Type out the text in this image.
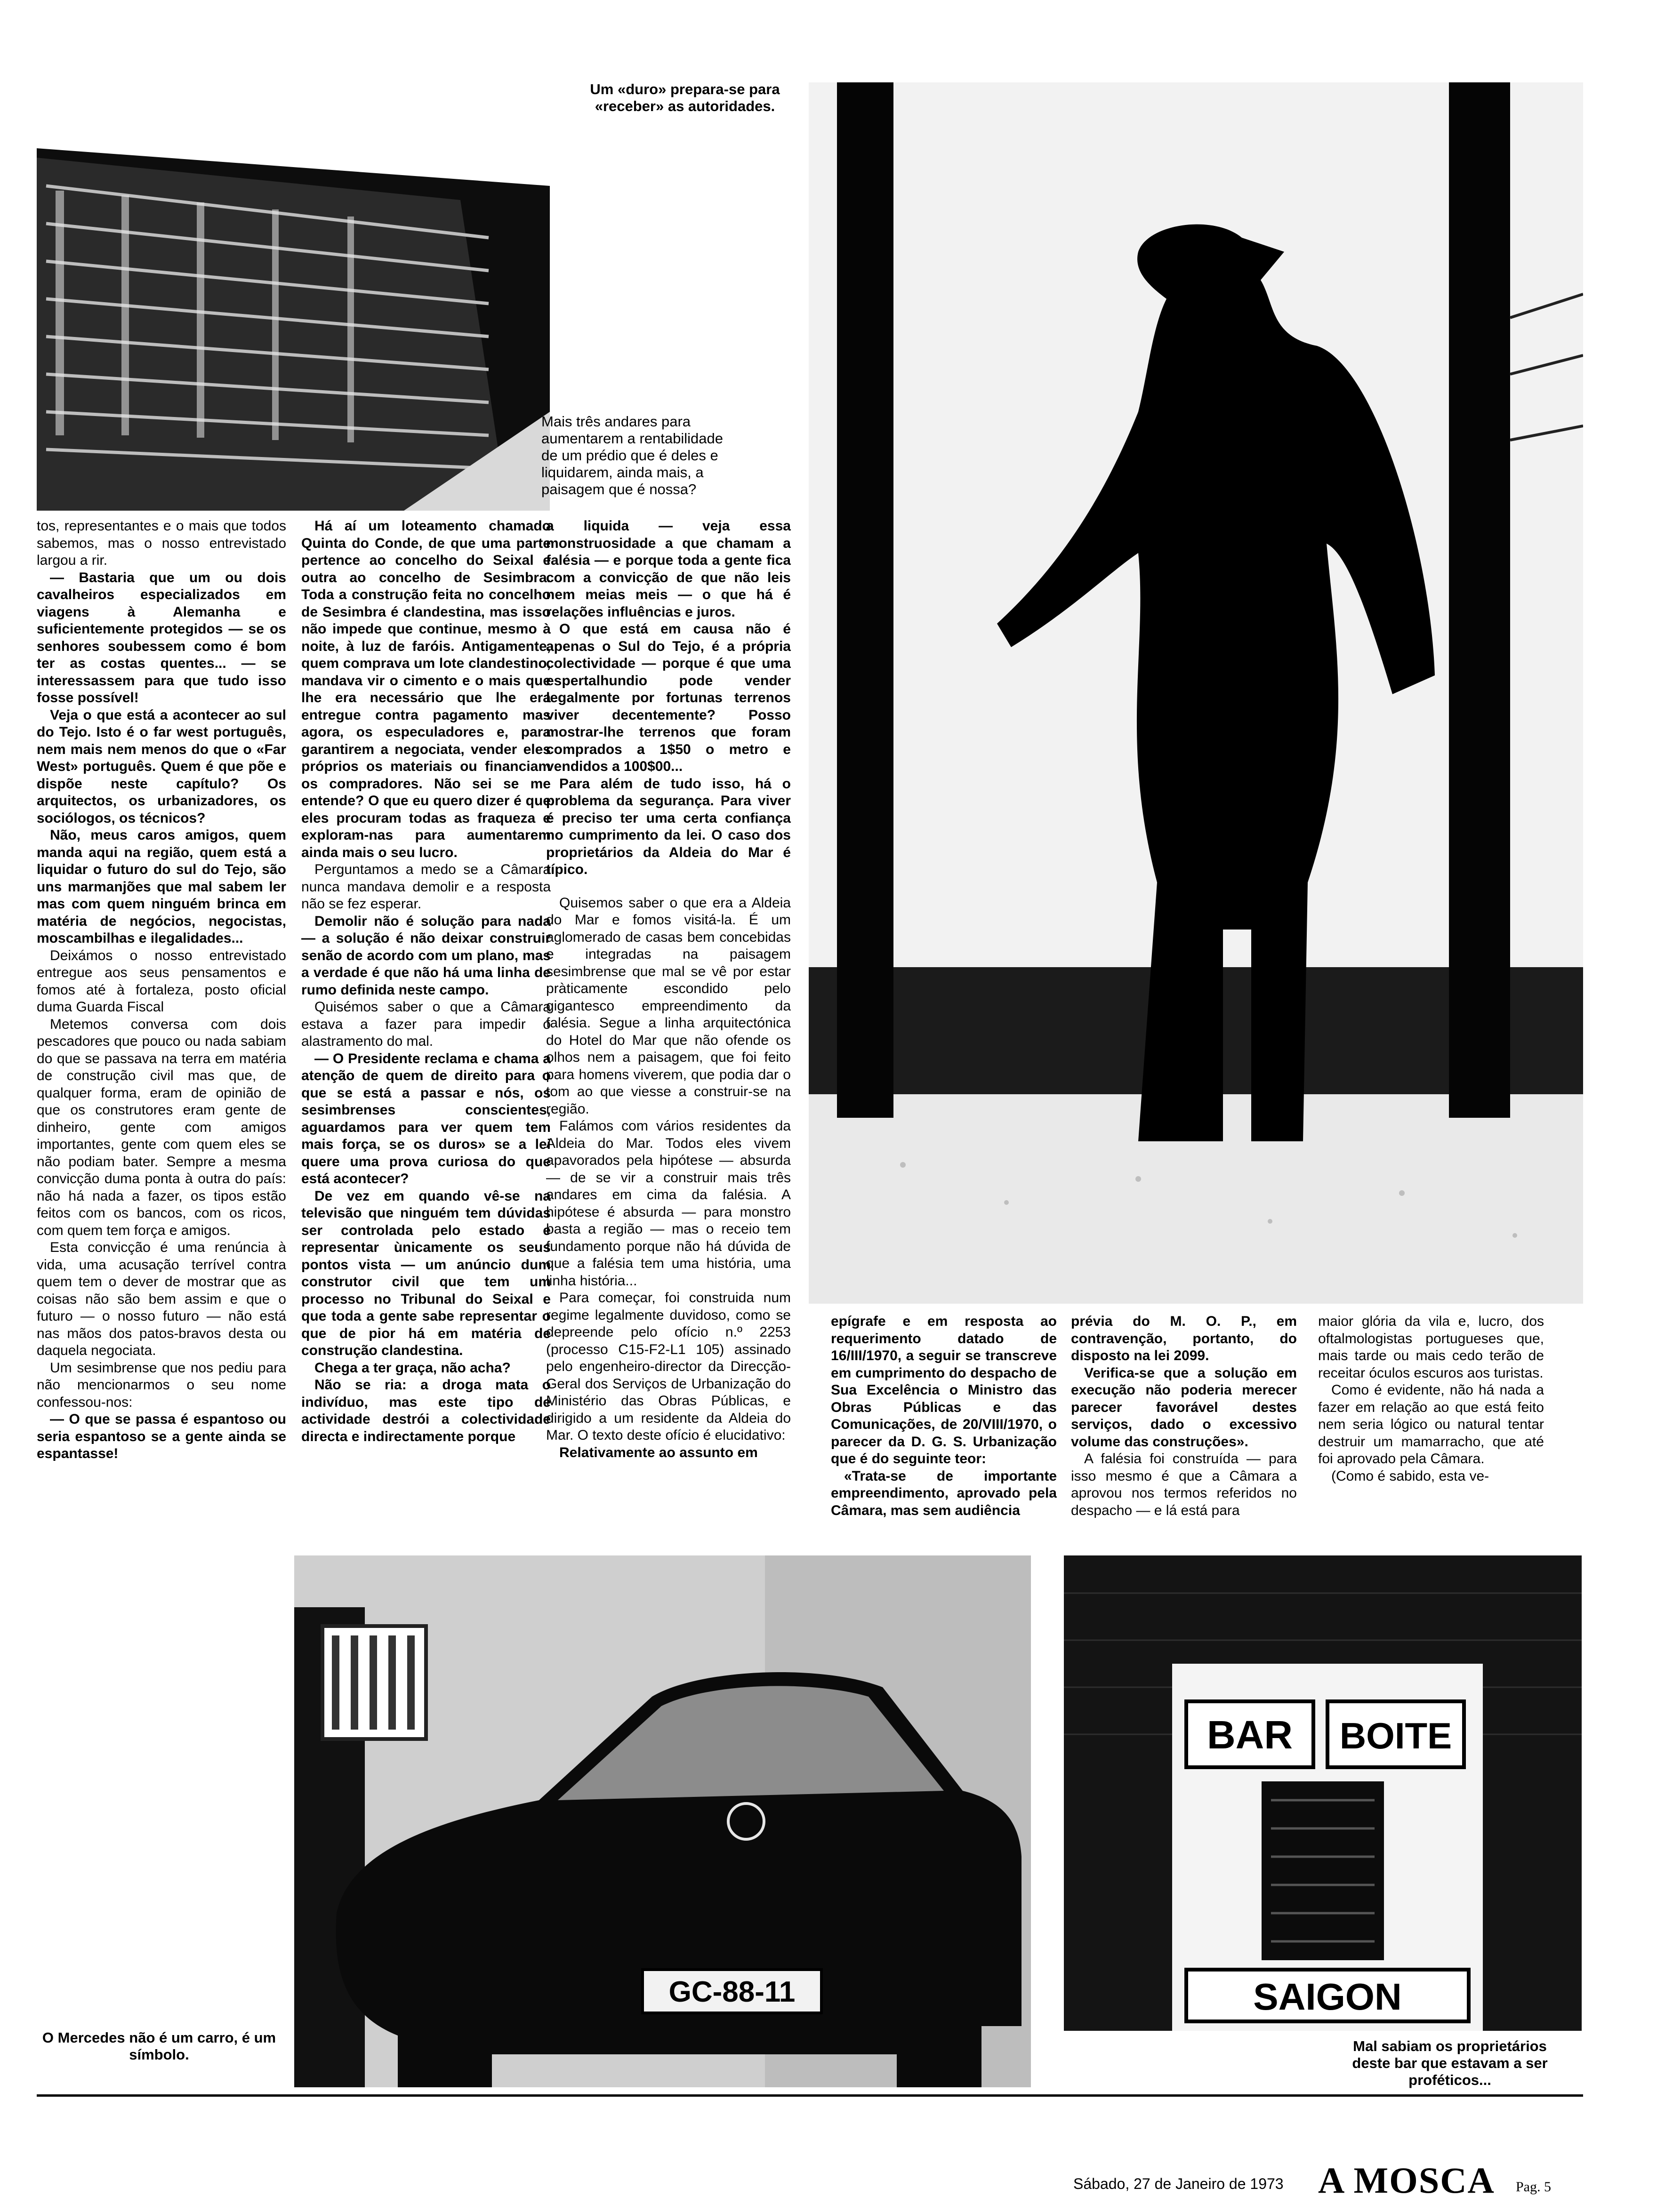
Um «duro» prepara-se para «receber» as autoridades.
Mais três andares para aumentarem a rentabilidade de um prédio que é deles e liquidarem, ainda mais, a paisagem que é nossa?

tos, representantes e o mais que todos sabemos, mas o nosso entrevistado largou a rir.

— Bastaria que um ou dois cavalheiros especializados em viagens à Alemanha e suficientemente protegidos — se os senhores soubessem como é bom ter as costas quentes... — se interessassem para que tudo isso fosse possível!

Veja o que está a acontecer ao sul do Tejo. Isto é o far west português, nem mais nem menos do que o «Far West» português. Quem é que põe e dispõe neste capítulo? Os arquitectos, os urbanizadores, os sociólogos, os técnicos?

Não, meus caros amigos, quem manda aqui na região, quem está a liquidar o futuro do sul do Tejo, são uns marmanjões que mal sabem ler mas com quem ninguém brinca em matéria de negócios, negocistas, moscambilhas e ilegalidades...

Deixámos o nosso entrevistado entregue aos seus pensamentos e fomos até à fortaleza, posto oficial duma Guarda Fiscal

Metemos conversa com dois pescadores que pouco ou nada sabiam do que se passava na terra em matéria de construção civil mas que, de qualquer forma, eram de opinião de que os construtores eram gente de dinheiro, gente com amigos importantes, gente com quem eles se não podiam bater. Sempre a mesma convicção duma ponta à outra do país: não há nada a fazer, os tipos estão feitos com os bancos, com os ricos, com quem tem força e amigos.

Esta convicção é uma renúncia à vida, uma acusação terrível contra quem tem o dever de mostrar que as coisas não são bem assim e que o futuro — o nosso futuro — não está nas mãos dos patos-bravos desta ou daquela negociata.

Um sesimbrense que nos pediu para não mencionarmos o seu nome confessou-nos:

— O que se passa é espantoso ou seria espantoso se a gente ainda se espantasse!

Há aí um loteamento chamado Quinta do Conde, de que uma parte pertence ao concelho do Seixal e outra ao concelho de Sesimbra. Toda a construção feita no concelho de Sesimbra é clandestina, mas isso não impede que continue, mesmo à noite, à luz de faróis. Antigamente, quem comprava um lote clandestino, mandava vir o cimento e o mais que lhe era necessário que lhe era entregue contra pagamento mas agora, os especuladores e, para garantirem a negociata, vender eles próprios os materiais ou financiam os compradores. Não sei se me entende? O que eu quero dizer é que eles procuram todas as fraqueza e exploram-nas para aumentarem ainda mais o seu lucro.

Perguntamos a medo se a Câmara nunca mandava demolir e a resposta não se fez esperar.

Demolir não é solução para nada — a solução é não deixar construir senão de acordo com um plano, mas a verdade é que não há uma linha de rumo definida neste campo.

Quisémos saber o que a Câmara estava a fazer para impedir o alastramento do mal.

— O Presidente reclama e chama a atenção de quem de direito para o que se está a passar e nós, os sesimbrenses conscientes, aguardamos para ver quem tem mais força, se os duros» se a lei quere uma prova curiosa do que está acontecer?

De vez em quando vê-se na televisão que ninguém tem dúvidas ser controlada pelo estado e representar ùnicamente os seus pontos vista — um anúncio dum construtor civil que tem um processo no Tribunal do Seixal e que toda a gente sabe representar o que de pior há em matéria de construção clandestina.

Chega a ter graça, não acha?

Não se ria: a droga mata o indivíduo, mas este tipo de actividade destrói a colectividade directa e indirectamente porque

a liquida — veja essa monstruosidade a que chamam a falésia — e porque toda a gente fica com a convicção de que não leis nem meias meis — o que há é relações influências e juros.

O que está em causa não é apenas o Sul do Tejo, é a própria colectividade — porque é que uma espertalhundio pode vender legalmente por fortunas terrenos viver decentemente? Posso mostrar-lhe terrenos que foram comprados a 1$50 o metro e vendidos a 100$00...

Para além de tudo isso, há o problema da segurança. Para viver é preciso ter uma certa confiança no cumprimento da lei. O caso dos proprietários da Aldeia do Mar é típico.

Quisemos saber o que era a Aldeia do Mar e fomos visitá-la. É um aglomerado de casas bem concebidas e integradas na paisagem sesimbrense que mal se vê por estar pràticamente escondido pelo gigantesco empreendimento da falésia. Segue a linha arquitectónica do Hotel do Mar que não ofende os olhos nem a paisagem, que foi feito para homens viverem, que podia dar o tom ao que viesse a construir-se na região.

Falámos com vários residentes da Aldeia do Mar. Todos eles vivem apavorados pela hipótese — absurda — de se vir a construir mais três andares em cima da falésia. A hipótese é absurda — para monstro basta a região — mas o receio tem fundamento porque não há dúvida de que a falésia tem uma história, uma linha história...

Para começar, foi construida num regime legalmente duvidoso, como se depreende pelo ofício n.º 2253 (processo C15-F2-L1 105) assinado pelo engenheiro-director da Direcção-Geral dos Serviços de Urbanização do Ministério das Obras Públicas, e dirigido a um residente da Aldeia do Mar. O texto deste ofício é elucidativo:

Relativamente ao assunto em

epígrafe e em resposta ao requerimento datado de 16/III/1970, a seguir se transcreve em cumprimento do despacho de Sua Excelência o Ministro das Obras Públicas e das Comunicações, de 20/VIII/1970, o parecer da D. G. S. Urbanização que é do seguinte teor:

«Trata-se de importante empreendimento, aprovado pela Câmara, mas sem audiência

prévia do M. O. P., em contravenção, portanto, do disposto na lei 2099.

Verifica-se que a solução em execução não poderia merecer parecer favorável destes serviços, dado o excessivo volume das construções».

A falésia foi construída — para isso mesmo é que a Câmara a aprovou nos termos referidos no despacho — e lá está para

maior glória da vila e, lucro, dos oftalmologistas portugueses que, mais tarde ou mais cedo terão de receitar óculos escuros aos turistas.

Como é evidente, não há nada a fazer em relação ao que está feito nem seria lógico ou natural tentar destruir um mamarracho, que até foi aprovado pela Câmara.

(Como é sabido, esta ve-

GC-88-11
O Mercedes não é um carro, é um símbolo.
BAR BOITE
SAIGON
Mal sabiam os proprietários deste bar que estavam a ser proféticos...
Sábado, 27 de Janeiro de 1973 A MOSCA Pag. 5
